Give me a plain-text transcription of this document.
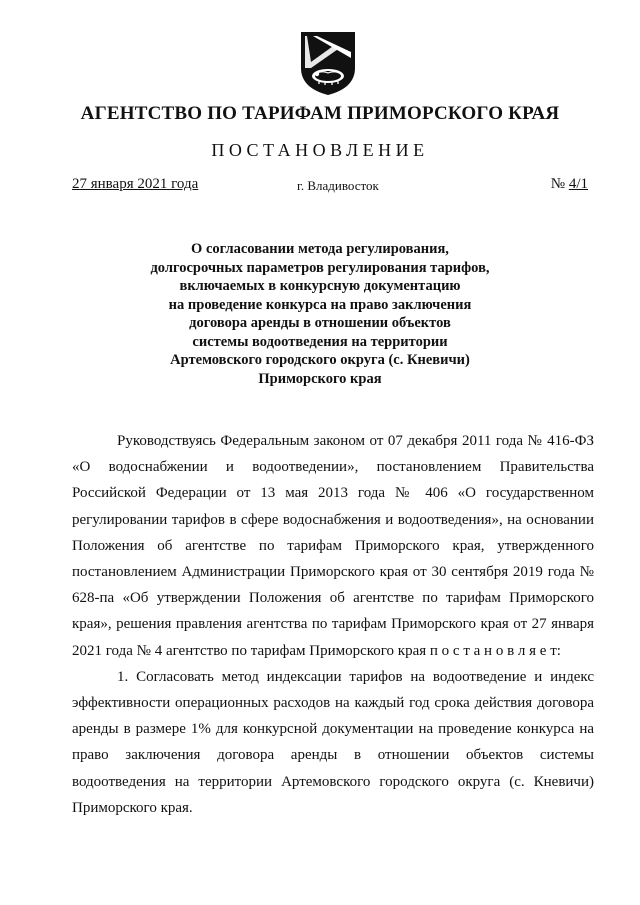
АГЕНТСТВО ПО ТАРИФАМ ПРИМОРСКОГО КРАЯ
ПОСТАНОВЛЕНИЕ
27 января 2021 года	г. Владивосток	№ 4/1
О согласовании метода регулирования,
долгосрочных параметров регулирования тарифов,
включаемых в конкурсную документацию
на проведение конкурса на право заключения
договора аренды в отношении объектов
системы водоотведения на территории
Артемовского городского округа (с. Кневичи)
Приморского края

Руководствуясь Федеральным законом от 07 декабря 2011 года № 416-ФЗ «О водоснабжении и водоотведении», постановлением Правительства Российской Федерации от 13 мая 2013 года № 406 «О государственном регулировании тарифов в сфере водоснабжения и водоотведения», на основании Положения об агентстве по тарифам Приморского края, утвержденного постановлением Администрации Приморского края от 30 сентября 2019 года № 628-па «Об утверждении Положения об агентстве по тарифам Приморского края», решения правления агентства по тарифам Приморского края от 27 января 2021 года № 4 агентство по тарифам Приморского края п о с т а н о в л я е т:

1. Согласовать метод индексации тарифов на водоотведение и индекс эффективности операционных расходов на каждый год срока действия договора аренды в размере 1% для конкурсной документации на проведение конкурса на право заключения договора аренды в отношении объектов системы водоотведения на территории Артемовского городского округа (с. Кневичи) Приморского края.
